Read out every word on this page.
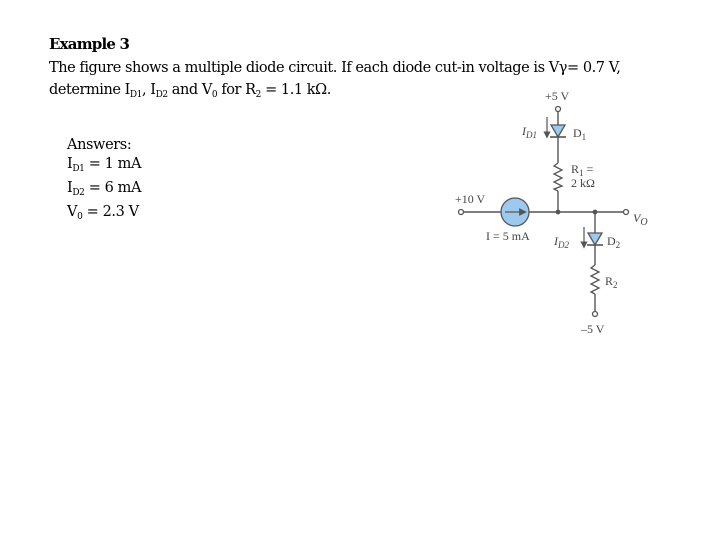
Example 3

The figure shows a multiple diode circuit. If each diode cut-in voltage is Vγ= 0.7 V,
determine $I_{D1}$, $I_{D2}$ and $V_0$ for $R_2 = 1.1$ kΩ.

Answers:
$I_{D1} = 1$ mA
$I_{D2} = 6$ mA
$V_0 = 2.3$ V
+5 V
$D_1$
$I_{D1}$
$R_1$ =
2 kΩ
+10 V
I = 5 mA
$V_O$
$D_2$
$I_{D2}$
$R_2$
–5 V
